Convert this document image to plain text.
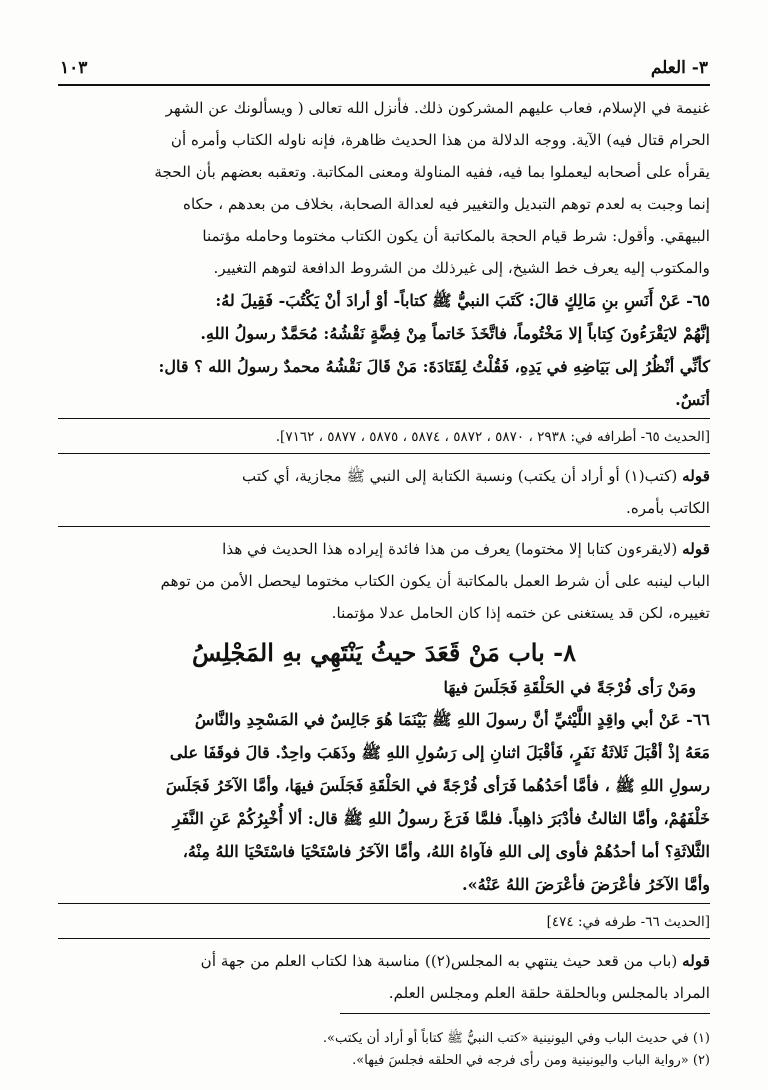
٣- العلم
١٠٣
غنيمة في الإسلام، فعاب عليهم المشركون ذلك. فأنزل الله تعالى ( ويسألونك عن الشهر
الحرام قتال فيه) الآية. ووجه الدلالة من هذا الحديث ظاهرة، فإنه ناوله الكتاب وأمره أن
يقرأه على أصحابه ليعملوا بما فيه، ففيه المناولة ومعنى المكاتبة. وتعقبه بعضهم بأن الحجة
إنما وجبت به لعدم توهم التبديل والتغيير فيه لعدالة الصحابة، بخلاف من بعدهم ، حكاه
البيهقي. وأقول: شرط قيام الحجة بالمكاتبة أن يكون الكتاب مختوما وحامله مؤتمنا
والمكتوب إليه يعرف خط الشيخ، إلى غيرذلك من الشروط الدافعة لتوهم التغيير.
٦٥- عَنْ أَنَسِ بنِ مَالِكٍ قالَ: كَتَبَ النبيُّ ﷺ كتاباً- أوْ أرادَ أنْ يَكْتُبَ- فَقِيلَ لهُ:
إنَّهُمْ لايَقْرَءُونَ كِتاباً إلا مَخْتُوماً، فاتَّخَذَ خَاتماً مِنْ فِضَّةٍ نَقْشُهُ: مُحَمَّدٌ رسولُ اللهِ.
كأنِّي أنْظُرُ إلى بَيَاضِهِ في يَدِهِ، فَقُلْتُ لِقَتَادَةَ: مَنْ قَالَ نَقْشُهُ محمدٌ رسولُ الله ؟ قال:
أنَسٌ.
[الحديث ٦٥- أطرافه في: ٢٩٣٨ ، ٥٨٧٠ ، ٥٨٧٢ ، ٥٨٧٤ ، ٥٨٧٥ ، ٥٨٧٧ ، ٧١٦٢].
قوله (كتب(١) أو أراد أن يكتب) ونسبة الكتابة إلى النبي ﷺ مجازية، أي كتب
الكاتب بأمره.
قوله (لايقرءون كتابا إلا مختوما) يعرف من هذا فائدة إيراده هذا الحديث في هذا
الباب لينبه على أن شرط العمل بالمكاتبة أن يكون الكتاب مختوما ليحصل الأمن من توهم
تغييره، لكن قد يستغنى عن ختمه إذا كان الحامل عدلا مؤتمنا.
٨- باب مَنْ قَعَدَ حيثُ يَنْتَهِي بهِ المَجْلِسُ
ومَنْ رَأى فُرْجَةً في الحَلْقَةِ فَجَلَسَ فيهَا
٦٦- عَنْ أبي واقِدٍ اللَّيْثيِّ أنَّ رسولَ اللهِ ﷺ بَيْنَمَا هُوَ جَالِسٌ في المَسْجِدِ والنَّاسُ
مَعَهُ إذْ أقْبَلَ ثَلاثَةُ نَفَرٍ، فَأقْبَلَ اثنانِ إلى رَسُولِ اللهِ ﷺ وذَهَبَ واحِدٌ. قالَ فوقَفَا على
رسولِ اللهِ ﷺ ، فأمَّا أحَدُهُما فَرَأى فُرْجَةً في الحَلْقَةِ فَجَلَسَ فيهَا، وأمَّا الآخَرُ فَجَلَسَ
خَلْفَهُمْ، وأمَّا الثالثُ فأدْبَرَ ذاهِباً. فلمَّا فَرَغَ رسولُ اللهِ ﷺ قال: ألا أُخْبِرُكُمْ عَنِ النَّفَرِ
الثَّلاثَةِ؟ أما أحدُهُمْ فأوى إلى اللهِ فآواهُ اللهُ، وأمَّا الآخَرُ فاسْتَحْيَا فاسْتَحْيَا اللهُ مِنْهُ،
وأمَّا الآخَرُ فأعْرَضَ فأعْرَضَ اللهُ عَنْهُ».
[الحديث ٦٦- طرفه في: ٤٧٤]
قوله (باب من قعد حيث ينتهي به المجلس(٢)) مناسبة هذا لكتاب العلم من جهة أن
المراد بالمجلس وبالحلقة حلقة العلم ومجلس العلم.
(١) في حديث الباب وفي اليونينية «كتب النبيُّ ﷺ كتاباً أو أراد أن يكتب».
(٢) «رواية الباب واليونينية ومن رأى فرجه في الحلقه فجلسَ فيها».
